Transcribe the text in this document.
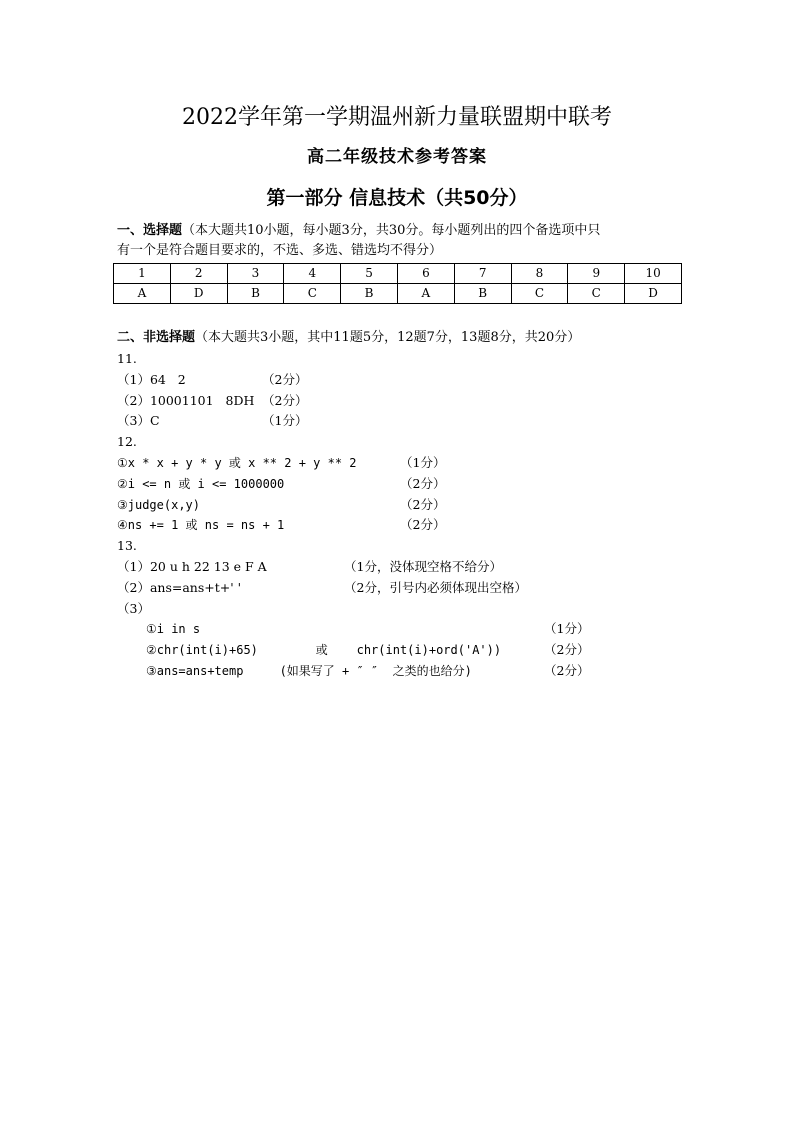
2022学年第一学期温州新力量联盟期中联考
高二年级技术参考答案
第一部分 信息技术（共50分）
一、选择题（本大题共10小题，每小题3分，共30分。每小题列出的四个备选项中只
有一个是符合题目要求的，不选、多选、错选均不得分）
1	2	3	4	5	6	7	8	9	10
A	D	B	C	B	A	B	C	C	D
二、非选择题（本大题共3小题，其中11题5分，12题7分，13题8分，共20分）
11.
（1）64   2	（2分）
（2）10001101   8DH （2分）
（3）C	（1分）
12.
①x * x + y * y 或 x ** 2 + y ** 2	（1分）
②i <= n 或 i <= 1000000	（2分）
③judge(x,y)	（2分）
④ns += 1 或 ns = ns + 1	（2分）
13.
（1）20 u h 22 13 e F A	（1分，没体现空格不给分）
（2）ans=ans+t+' '	（2分，引号内必须体现出空格）
（3）
①i in s	（1分）
②chr(int(i)+65)        或    chr(int(i)+ord('A'))	（2分）
③ans=ans+temp     (如果写了 + ″ ″  之类的也给分)	（2分）
